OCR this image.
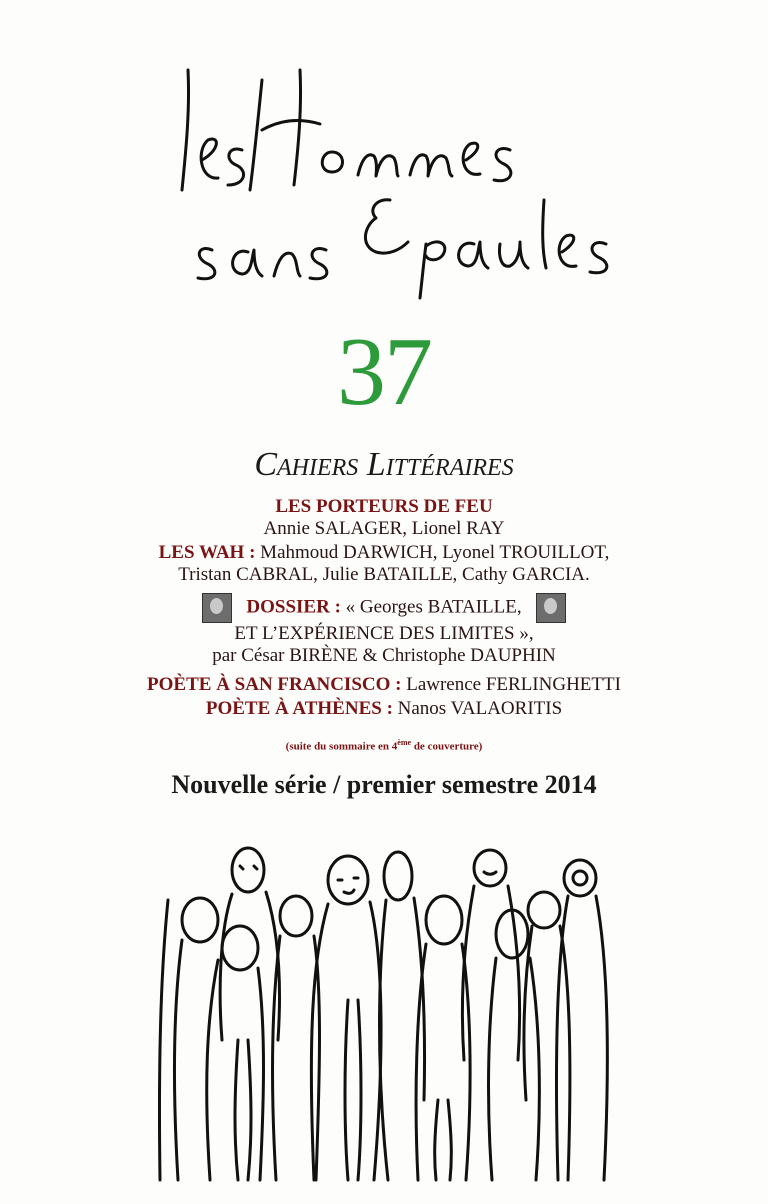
37
Cahiers Littéraires
LES PORTEURS DE FEU
Annie SALAGER, Lionel RAY
LES WAH : Mahmoud DARWICH, Lyonel TROUILLOT,
Tristan CABRAL, Julie BATAILLE, Cathy GARCIA.
DOSSIER : « Georges BATAILLE,
ET L’EXPÉRIENCE DES LIMITES »,
par César BIRÈNE & Christophe DAUPHIN
POÈTE À SAN FRANCISCO : Lawrence FERLINGHETTI
POÈTE À ATHÈNES : Nanos VALAORITIS
(suite du sommaire en 4ème de couverture)
Nouvelle série / premier semestre 2014
